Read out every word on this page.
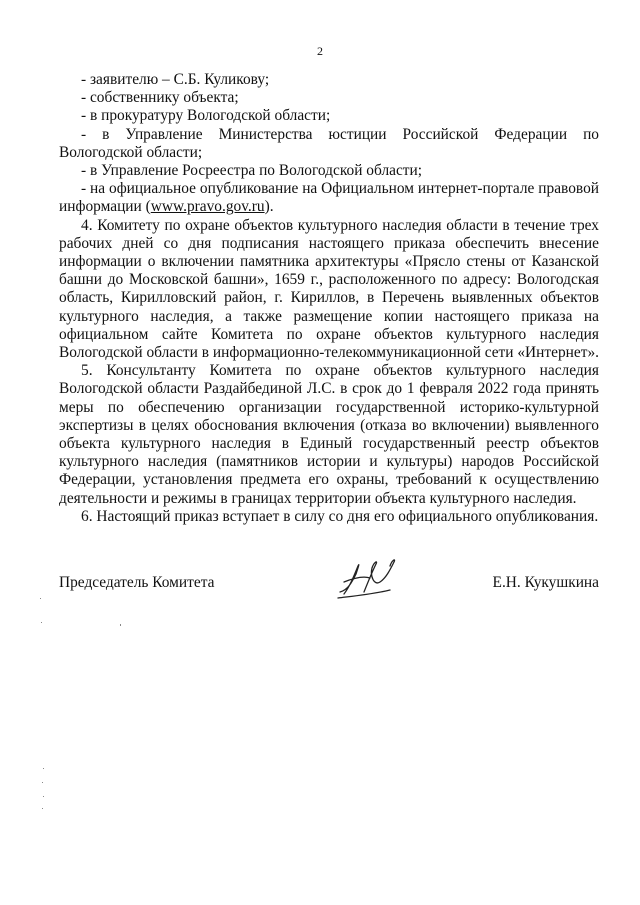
2

- заявителю – С.Б. Куликову;

- собственнику объекта;

- в прокуратуру Вологодской области;

- в Управление Министерства юстиции Российской Федерации по Вологодской области;

- в Управление Росреестра по Вологодской области;

- на официальное опубликование на Официальном интернет-портале правовой информации (www.pravo.gov.ru).

4. Комитету по охране объектов культурного наследия области в течение трех рабочих дней со дня подписания настоящего приказа обеспечить внесение информации о включении памятника архитектуры «Прясло стены от Казанской башни до Московской башни», 1659 г., расположенного по адресу: Вологодская область, Кирилловский район, г. Кириллов, в Перечень выявленных объектов культурного наследия, а также размещение копии настоящего приказа на официальном сайте Комитета по охране объектов культурного наследия Вологодской области в информационно-телекоммуникационной сети «Интернет».

5. Консультанту Комитета по охране объектов культурного наследия Вологодской области Раздайбединой Л.С. в срок до 1 февраля 2022 года принять меры по обеспечению организации государственной историко-культурной экспертизы в целях обоснования включения (отказа во включении) выявленного объекта культурного наследия в Единый государственный реестр объектов культурного наследия (памятников истории и культуры) народов Российской Федерации, установления предмета его охраны, требований к осуществлению деятельности и режимы в границах территории объекта культурного наследия.

6. Настоящий приказ вступает в силу со дня его официального опубликования.

Председатель Комитета	Е.Н. Кукушкина
